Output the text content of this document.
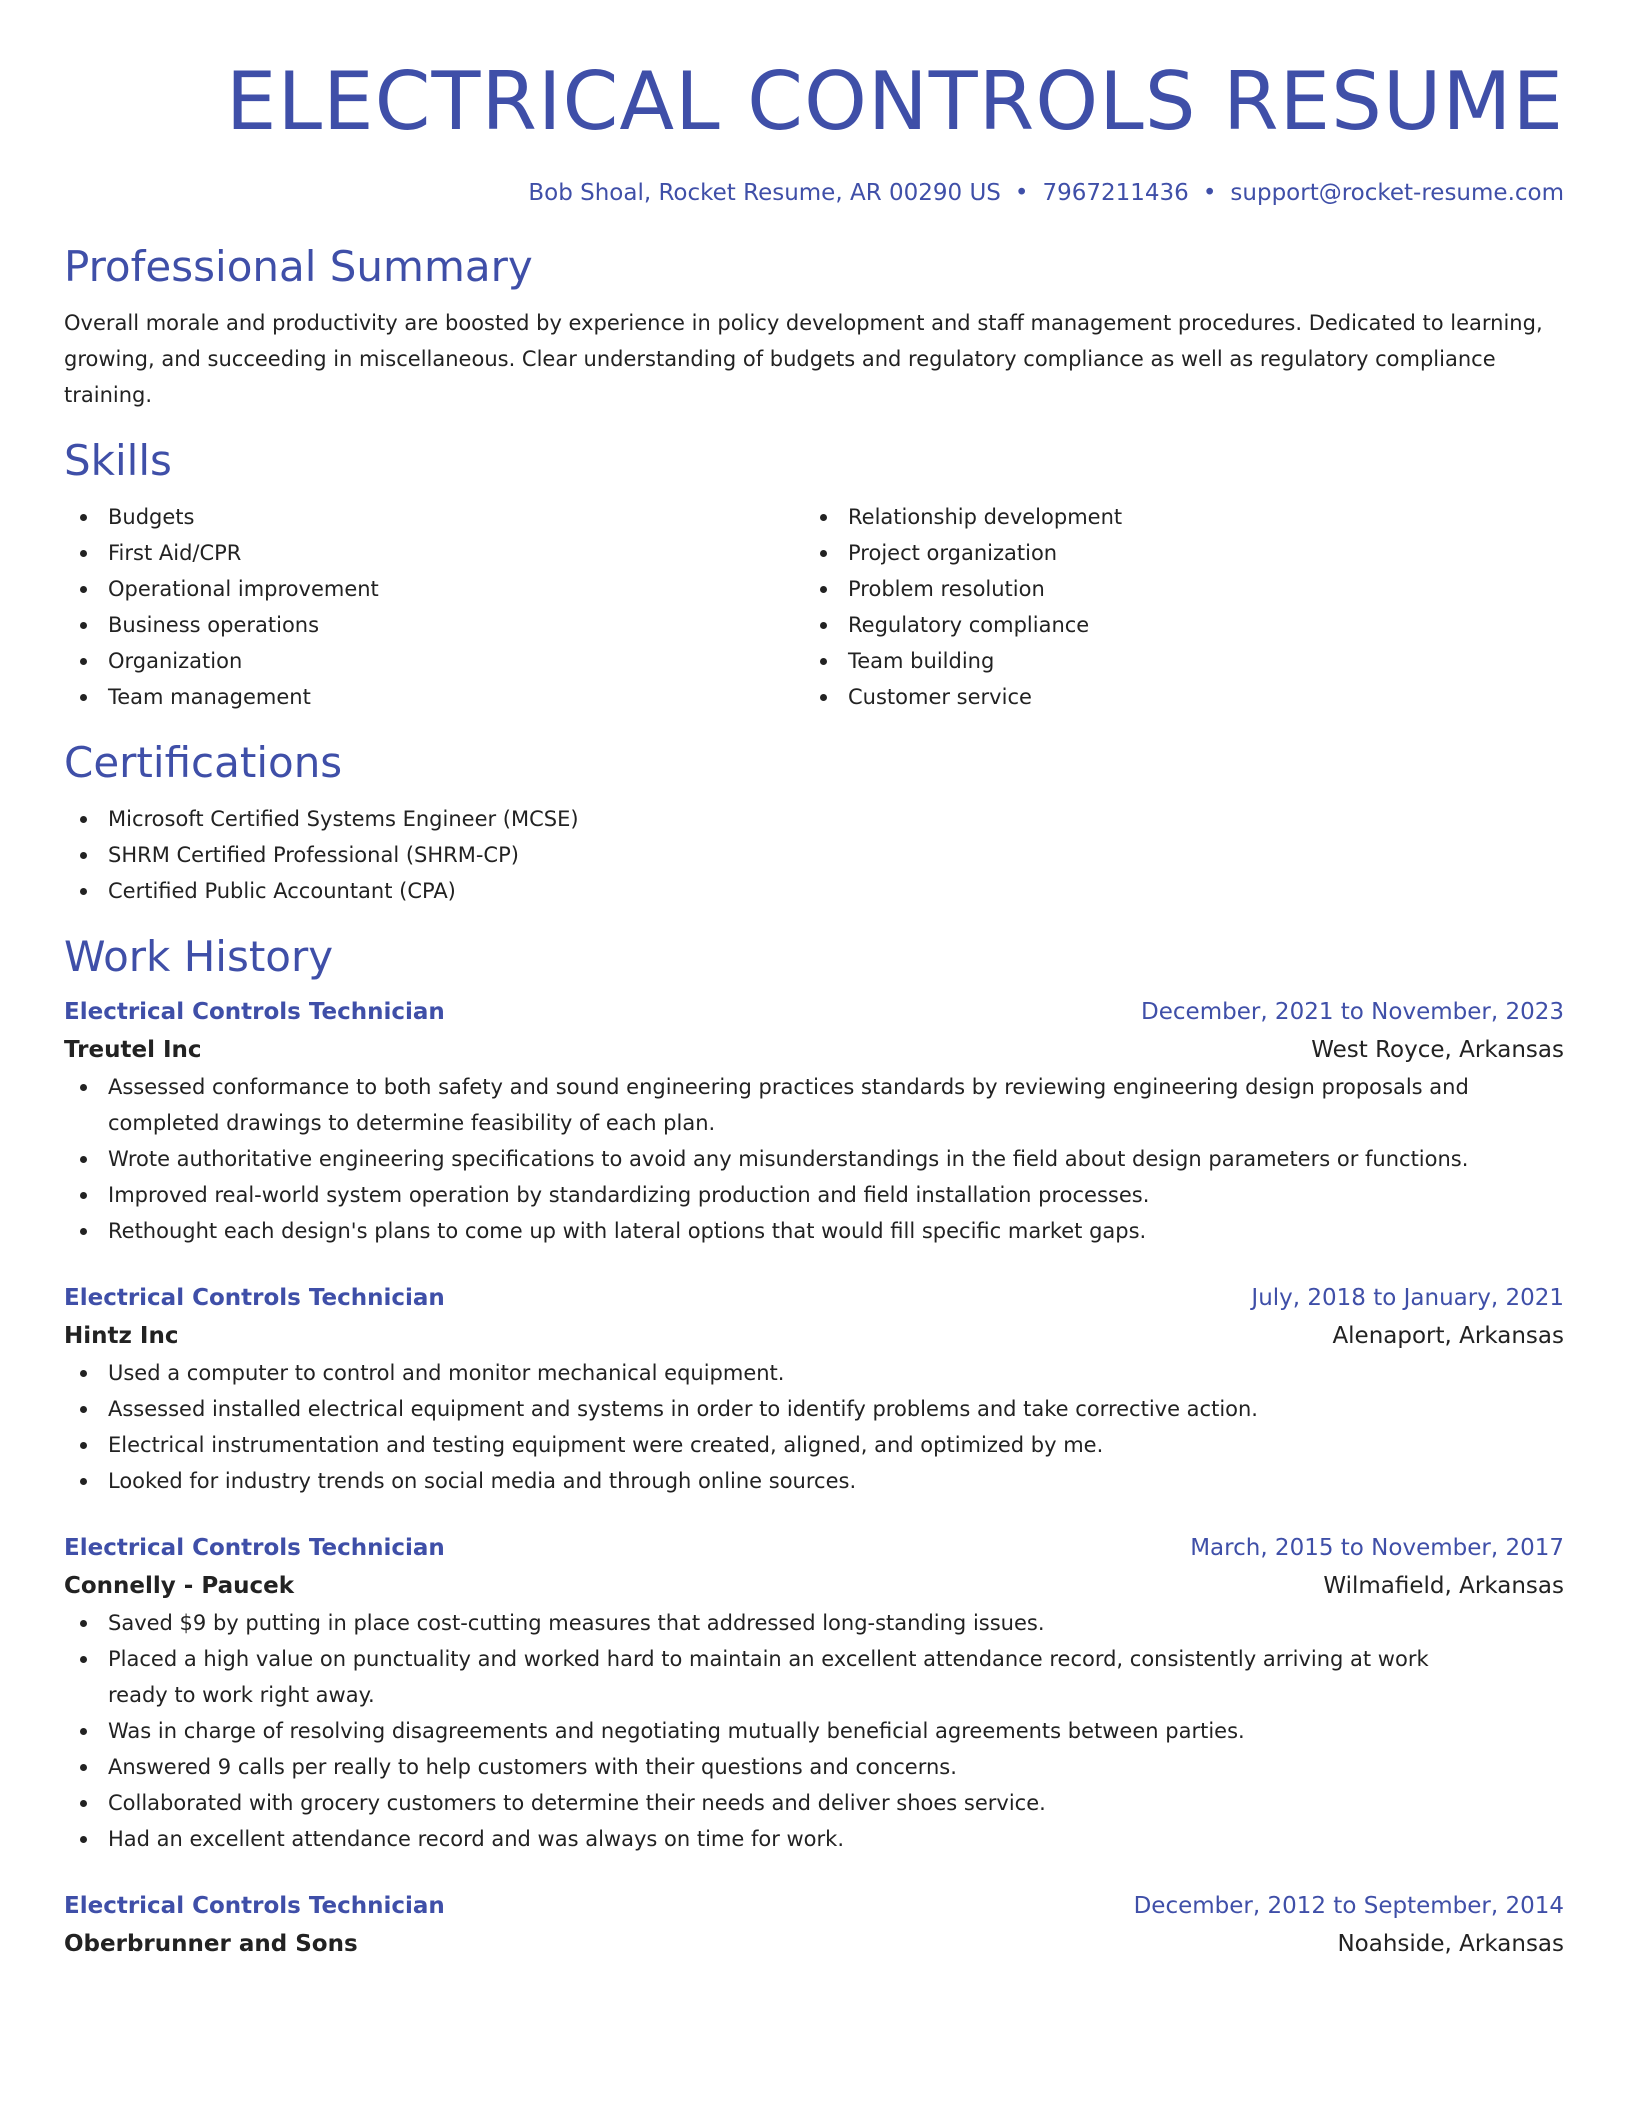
ELECTRICAL CONTROLS RESUME
Bob Shoal, Rocket Resume, AR 00290 US • 7967211436 • support@rocket-resume.com
Professional Summary

Overall morale and productivity are boosted by experience in policy development and staff management procedures. Dedicated to learning, growing, and succeeding in miscellaneous. Clear understanding of budgets and regulatory compliance as well as regulatory compliance training.

Skills
Budgets
First Aid/CPR
Operational improvement
Business operations
Organization
Team management
Relationship development
Project organization
Problem resolution
Regulatory compliance
Team building
Customer service
Certifications
Microsoft Certified Systems Engineer (MCSE)
SHRM Certified Professional (SHRM-CP)
Certified Public Accountant (CPA)
Work History
Electrical Controls Technician	December, 2021 to November, 2023
Treutel Inc	West Royce, Arkansas
Assessed conformance to both safety and sound engineering practices standards by reviewing engineering design proposals and completed drawings to determine feasibility of each plan.
Wrote authoritative engineering specifications to avoid any misunderstandings in the field about design parameters or functions.
Improved real-world system operation by standardizing production and field installation processes.
Rethought each design's plans to come up with lateral options that would fill specific market gaps.
Electrical Controls Technician	July, 2018 to January, 2021
Hintz Inc	Alenaport, Arkansas
Used a computer to control and monitor mechanical equipment.
Assessed installed electrical equipment and systems in order to identify problems and take corrective action.
Electrical instrumentation and testing equipment were created, aligned, and optimized by me.
Looked for industry trends on social media and through online sources.
Electrical Controls Technician	March, 2015 to November, 2017
Connelly - Paucek	Wilmafield, Arkansas
Saved $9 by putting in place cost-cutting measures that addressed long-standing issues.
Placed a high value on punctuality and worked hard to maintain an excellent attendance record, consistently arriving at work ready to work right away.
Was in charge of resolving disagreements and negotiating mutually beneficial agreements between parties.
Answered 9 calls per really to help customers with their questions and concerns.
Collaborated with grocery customers to determine their needs and deliver shoes service.
Had an excellent attendance record and was always on time for work.
Electrical Controls Technician	December, 2012 to September, 2014
Oberbrunner and Sons	Noahside, Arkansas
